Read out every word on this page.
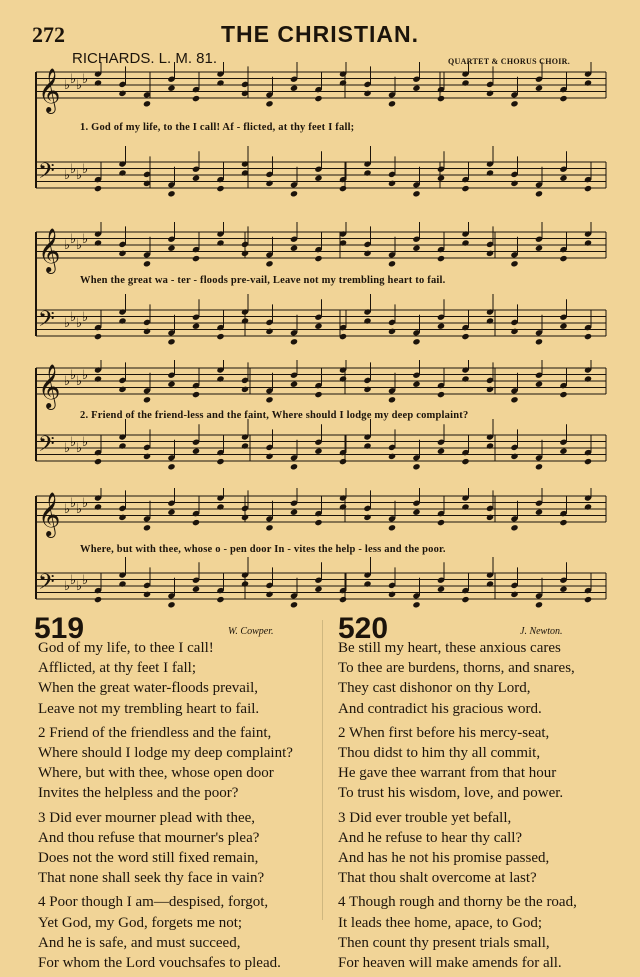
272	THE CHRISTIAN.
RICHARDS. L. M. 81.	QUARTET & CHORUS CHOIR.
𝄞 ♭ ♭ ♭ ♭
𝄢 ♭ ♭ ♭ ♭
1. God of my life, to the I call! Af - flicted, at thy feet I fall;
𝄞 ♭ ♭ ♭ ♭
𝄢 ♭ ♭ ♭ ♭
When the great wa - ter - floods pre-vail, Leave not my trembling heart to fail.
𝄞 ♭ ♭ ♭ ♭
𝄢 ♭ ♭ ♭ ♭
2. Friend of the friend-less and the faint, Where should I lodge my deep complaint?
𝄞 ♭ ♭ ♭ ♭
𝄢 ♭ ♭ ♭ ♭
Where, but with thee, whose o - pen door In - vites the help - less and the poor.
519	W. Cowper.
God of my life, to thee I call!
Afflicted, at thy feet I fall;
When the great water-floods prevail,
Leave not my trembling heart to fail.
2 Friend of the friendless and the faint,
Where should I lodge my deep complaint?
Where, but with thee, whose open door
Invites the helpless and the poor?
3 Did ever mourner plead with thee,
And thou refuse that mourner's plea?
Does not the word still fixed remain,
That none shall seek thy face in vain?
4 Poor though I am—despised, forgot,
Yet God, my God, forgets me not;
And he is safe, and must succeed,
For whom the Lord vouchsafes to plead.
520	J. Newton.
Be still my heart, these anxious cares
To thee are burdens, thorns, and snares,
They cast dishonor on thy Lord,
And contradict his gracious word.
2 When first before his mercy-seat,
Thou didst to him thy all commit,
He gave thee warrant from that hour
To trust his wisdom, love, and power.
3 Did ever trouble yet befall,
And he refuse to hear thy call?
And has he not his promise passed,
That thou shalt overcome at last?
4 Though rough and thorny be the road,
It leads thee home, apace, to God;
Then count thy present trials small,
For heaven will make amends for all.
